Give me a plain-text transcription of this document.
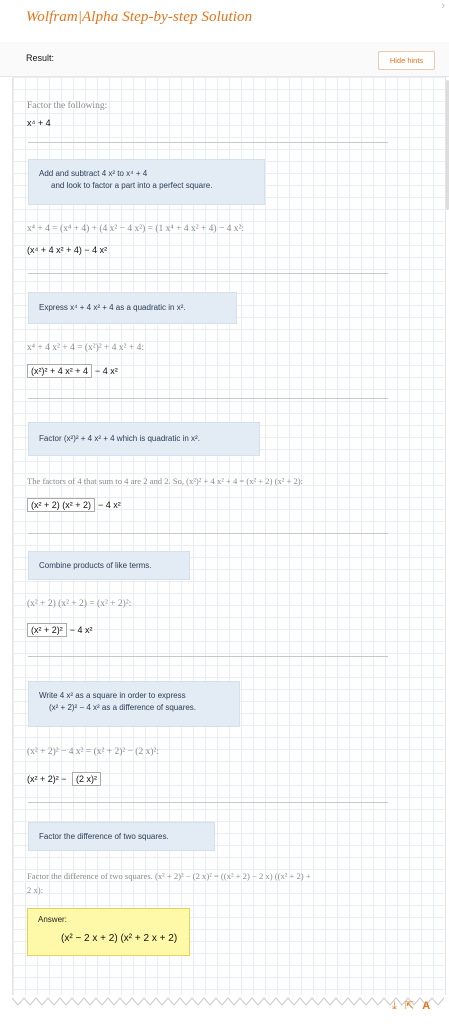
Wolfram|Alpha Step-by-step Solution
›
Result:	Hide hints
Factor the following:
x⁴ + 4
Add and subtract 4 x² to x⁴ + 4
and look to factor a part into a perfect square.
x⁴ + 4 = (x⁴ + 4) + (4 x² − 4 x²) = (1 x⁴ + 4 x² + 4) − 4 x²:
(x⁴ + 4 x² + 4) − 4 x²
Express x⁴ + 4 x² + 4 as a quadratic in x².
x⁴ + 4 x² + 4 = (x²)² + 4 x² + 4:
(x²)² + 4 x² + 4 − 4 x²
Factor (x²)² + 4 x² + 4 which is quadratic in x².
The factors of 4 that sum to 4 are 2 and 2. So, (x²)² + 4 x² + 4 = (x² + 2) (x² + 2):
(x² + 2) (x² + 2) − 4 x²
Combine products of like terms.
(x² + 2) (x² + 2) = (x² + 2)²:
(x² + 2)² − 4 x²
Write 4 x² as a square in order to express
(x² + 2)² − 4 x² as a difference of squares.
(x² + 2)² − 4 x² = (x² + 2)² − (2 x)²:
(x² + 2)² − (2 x)²
Factor the difference of two squares.
Factor the difference of two squares. (x² + 2)² − (2 x)² = ((x² + 2) − 2 x) ((x² + 2) +
2 x):
Answer:
(x² − 2 x + 2) (x² + 2 x + 2)
⤓ ⇱ A
